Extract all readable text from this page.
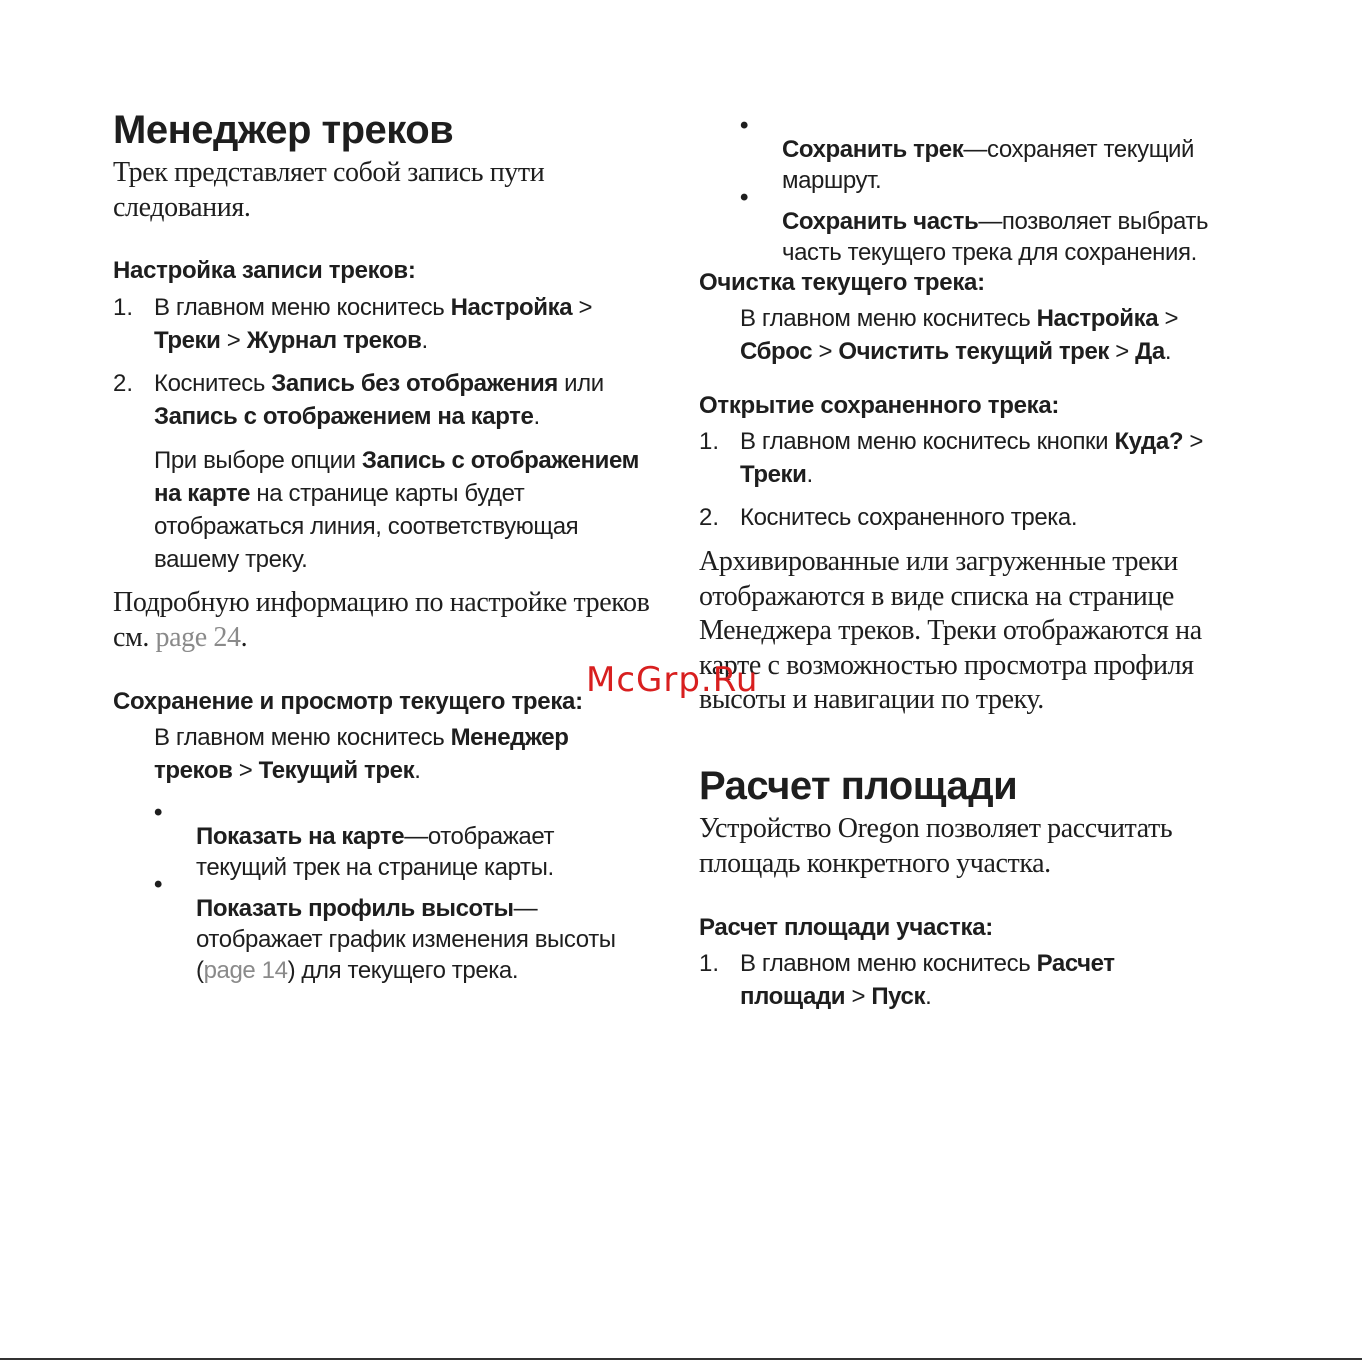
Менеджер треков

Трек представляет собой запись пути

следования.

Настройка записи треков:
1. В главном меню коснитесь Настройка >

Треки > Журнал треков.

2. Коснитесь Запись без отображения или

Запись с отображением на карте.

При выборе опции Запись с отображением

на карте на странице карты будет

отображаться линия, соответствующая

вашему треку.

Подробную информацию по настройке треков

см. page 24.

Сохранение и просмотр текущего трека:

В главном меню коснитесь Менеджер

треков > Текущий трек.

•

Показать на карте—отображает

текущий трек на странице карты.

•

Показать профиль высоты—

отображает график изменения высоты

(page 14) для текущего трека.

•

Сохранить трек—сохраняет текущий

маршрут.

•

Сохранить часть—позволяет выбрать

часть текущего трека для сохранения.

Очистка текущего трека:

В главном меню коснитесь Настройка >

Сброс > Очистить текущий трек > Да.

Открытие сохраненного трека:
1. В главном меню коснитесь кнопки Куда? >

Треки.

2. Коснитесь сохраненного трека.

Архивированные или загруженные треки

отображаются в виде списка на странице

Менеджера треков. Треки отображаются на

карте с возможностью просмотра профиля

высоты и навигации по треку.

Расчет площади

Устройство Oregon позволяет рассчитать

площадь конкретного участка.

Расчет площади участка:
1. В главном меню коснитесь Расчет

площади > Пуск.

McGrp.Ru
